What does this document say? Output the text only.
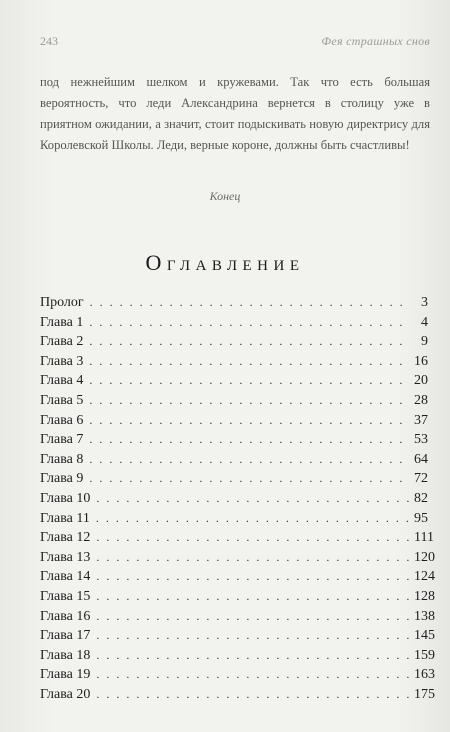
243	Фея страшных снов
под нежнейшим шелком и кружевами. Так что есть большая вероятность, что леди Александрина вернется в столицу уже в приятном ожидании, а значит, стоит подыскивать новую директрису для Королевской Школы. Леди, верные короне, должны быть счастливы!
Конец
Оглавление
Пролог . . .	3
Глава 1 . . .	4
Глава 2 . . .	9
Глава 3 . . .	16
Глава 4 . . .	20
Глава 5 . . .	28
Глава 6 . . .	37
Глава 7 . . .	53
Глава 8 . . .	64
Глава 9 . . .	72
Глава 10 . . .	82
Глава 11 . . .	95
Глава 12 . . .	111
Глава 13 . . .	120
Глава 14 . . .	124
Глава 15 . . .	128
Глава 16 . . .	138
Глава 17 . . .	145
Глава 18 . . .	159
Глава 19 . . .	163
Глава 20 . . .	175
